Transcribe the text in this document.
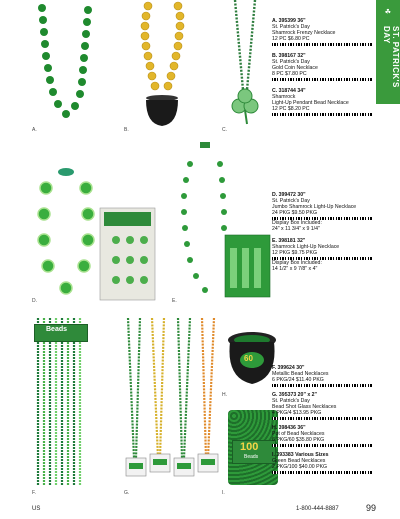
ST. PATRICK'S DAY
☘
A.	B.	C.
A. 395399 36"
St. Patrick's Day
Shamrock Frenzy Necklace
12 PC $6.80 PC
B. 398167 32"
St. Patrick's Day
Gold Coin Necklace
8 PC $7.80 PC
C. 318744 34"
Shamrock
Light-Up Pendant Bead Necklace
12 PC $8.20 PC
D.	E.
D. 399472 30"
St. Patrick's Day
Jumbo Shamrock Light-Up Necklace
24 PKG $9.50 PKG
Display Box Included:
24" x 11 3/4" x 9 1/4"
E. 398181 32"
Shamrock Light-Up Necklace
12 PKG $9.75 PKG
Display Box Included:
14 1/2" x 9 7/8" x 4"
Beads
F.	G.
60
H.
100
Beads
I.
F. 399624 30"
Metallic Bead Necklaces
6 PKG/24 $11.40 PKG
G. 395373 20" x 2"
St. Patrick's Day
Bead Shot Glass Necklaces
4 PKG/4 $13.95 PKG
H. 398436 36"
Pot of Bead Necklaces
6 PKG/60 $35.80 PKG
I. 393383 Various Sizes
Green Bead Necklaces
2 PKG/100 $40.00 PKG
US	1-800-444-8887	99
